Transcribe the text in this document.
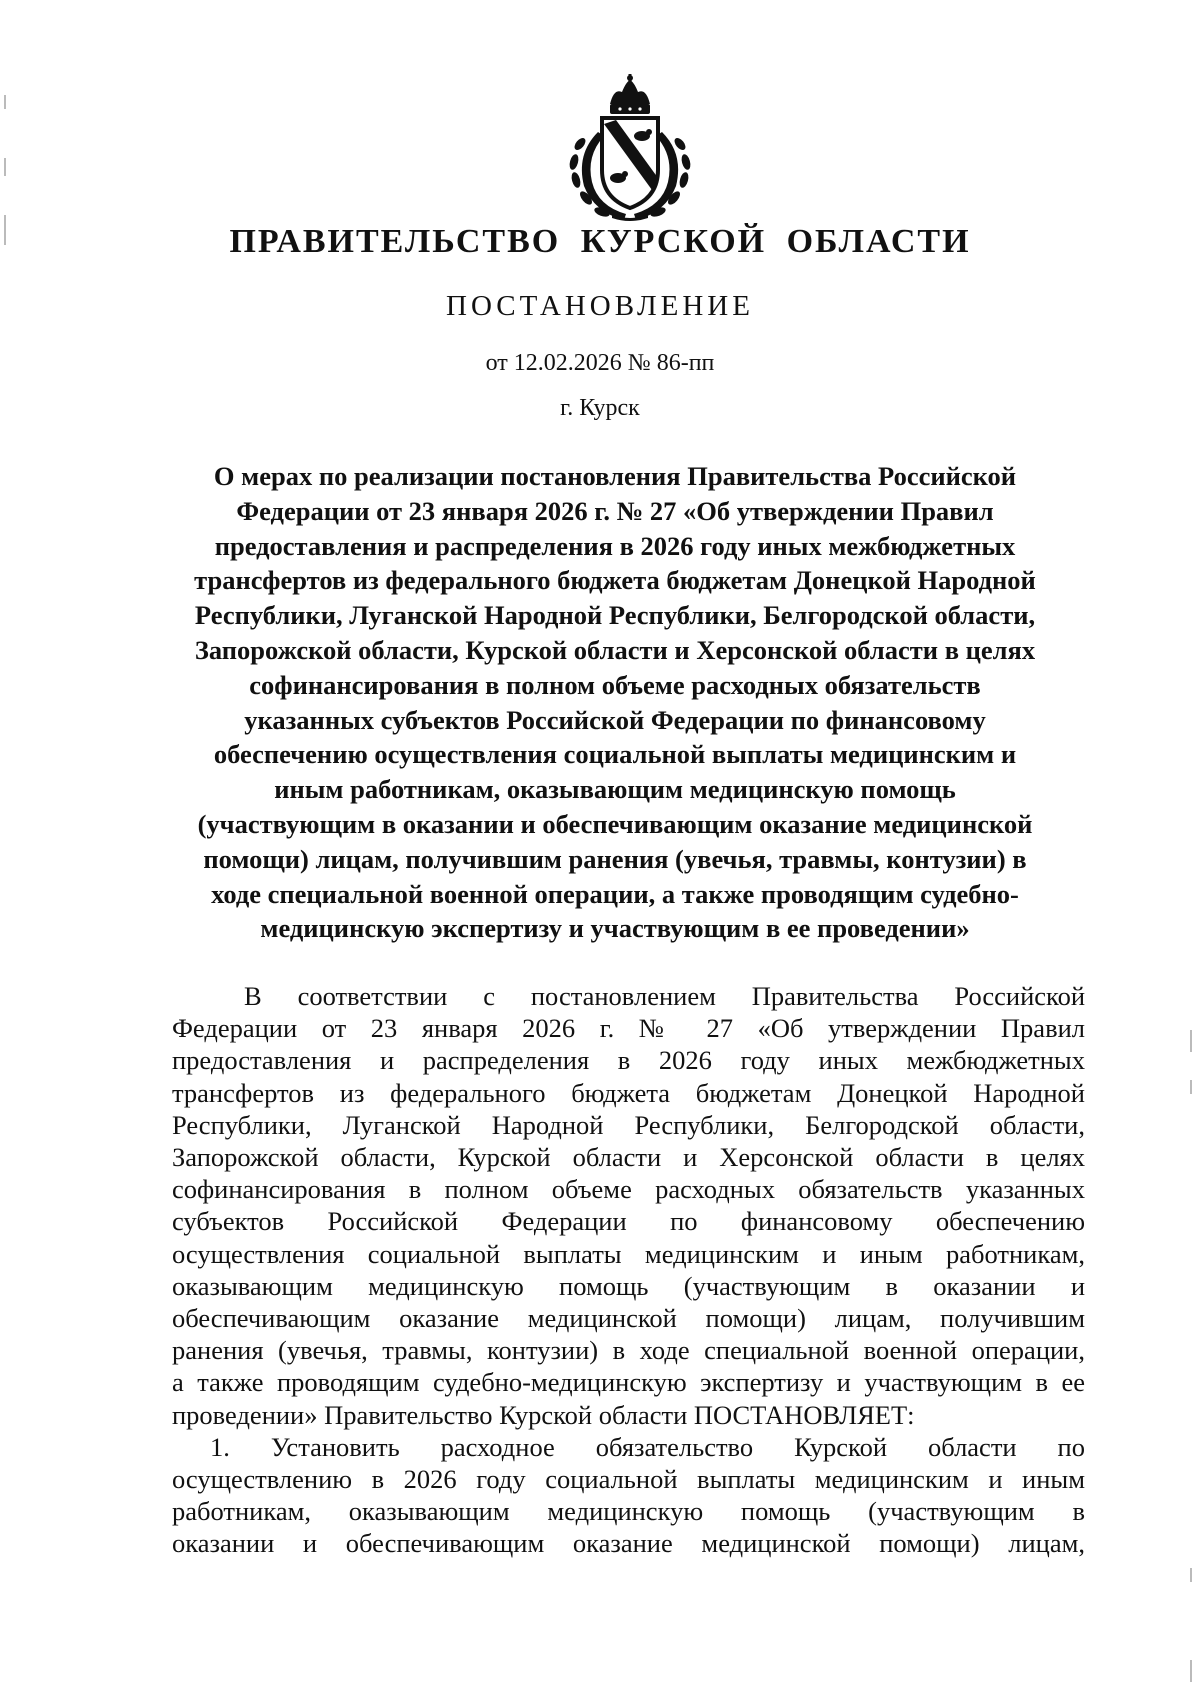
ПРАВИТЕЛЬСТВО КУРСКОЙ ОБЛАСТИ
ПОСТАНОВЛЕНИЕ
от 12.02.2026 № 86-пп
г. Курск
О мерах по реализации постановления Правительства Российской
Федерации от 23 января 2026 г. № 27 «Об утверждении Правил
предоставления и распределения в 2026 году иных межбюджетных
трансфертов из федерального бюджета бюджетам Донецкой Народной
Республики, Луганской Народной Республики, Белгородской области,
Запорожской области, Курской области и Херсонской области в целях
софинансирования в полном объеме расходных обязательств
указанных субъектов Российской Федерации по финансовому
обеспечению осуществления социальной выплаты медицинским и
иным работникам, оказывающим медицинскую помощь
(участвующим в оказании и обеспечивающим оказание медицинской
помощи) лицам, получившим ранения (увечья, травмы, контузии) в
ходе специальной военной операции, а также проводящим судебно-
медицинскую экспертизу и участвующим в ее проведении»
В соответствии с постановлением Правительства Российской
Федерации от 23 января 2026 г. № 27 «Об утверждении Правил
предоставления и распределения в 2026 году иных межбюджетных
трансфертов из федерального бюджета бюджетам Донецкой Народной
Республики, Луганской Народной Республики, Белгородской области,
Запорожской области, Курской области и Херсонской области в целях
софинансирования в полном объеме расходных обязательств указанных
субъектов Российской Федерации по финансовому обеспечению
осуществления социальной выплаты медицинским и иным работникам,
оказывающим медицинскую помощь (участвующим в оказании и
обеспечивающим оказание медицинской помощи) лицам, получившим
ранения (увечья, травмы, контузии) в ходе специальной военной операции,
а также проводящим судебно-медицинскую экспертизу и участвующим в ее
проведении» Правительство Курской области ПОСТАНОВЛЯЕТ:
1. Установить расходное обязательство Курской области по
осуществлению в 2026 году социальной выплаты медицинским и иным
работникам, оказывающим медицинскую помощь (участвующим в
оказании и обеспечивающим оказание медицинской помощи) лицам,
